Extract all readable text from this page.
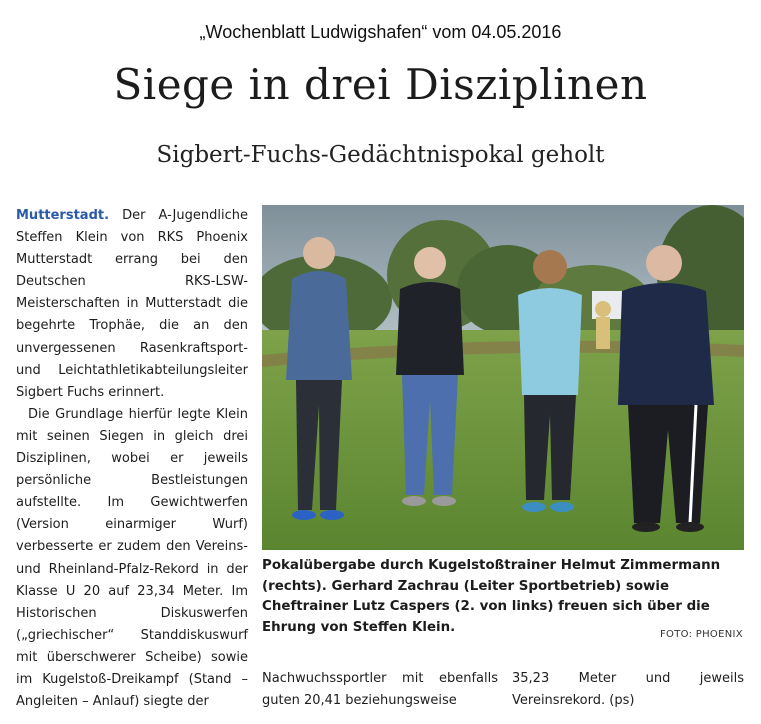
„Wochenblatt Ludwigshafen“ vom 04.05.2016
Siege in drei Disziplinen
Sigbert-Fuchs-Gedächtnispokal geholt

Mutterstadt. Der A-Jugendliche Steffen Klein von RKS Phoenix Mutterstadt errang bei den Deutschen RKS-LSW-Meisterschaften in Mutterstadt die begehrte Trophäe, die an den unvergessenen Rasenkraftsport- und Leichtathletikabteilungsleiter Sigbert Fuchs erinnert.

Die Grundlage hierfür legte Klein mit seinen Siegen in gleich drei Disziplinen, wobei er jeweils persönliche Bestleistungen aufstellte. Im Gewichtwerfen (Version einarmiger Wurf) verbesserte er zudem den Vereins- und Rheinland-Pfalz-Rekord in der Klasse U 20 auf 23,34 Meter. Im Historischen Diskuswerfen („griechischer“ Standdiskuswurf mit überschwerer Scheibe) sowie im Kugelstoß-Dreikampf (Stand – Angleiten – Anlauf) siegte der

Pokalübergabe durch Kugelstoßtrainer Helmut Zimmermann (rechts). Gerhard Zachrau (Leiter Sportbetrieb) sowie Cheftrainer Lutz Caspers (2. von links) freuen sich über die Ehrung von Steffen Klein.	FOTO: PHOENIX
Nachwuchssportler mit ebenfalls guten 20,41 beziehungsweise
35,23 Meter und jeweils Vereinsrekord. (ps)
